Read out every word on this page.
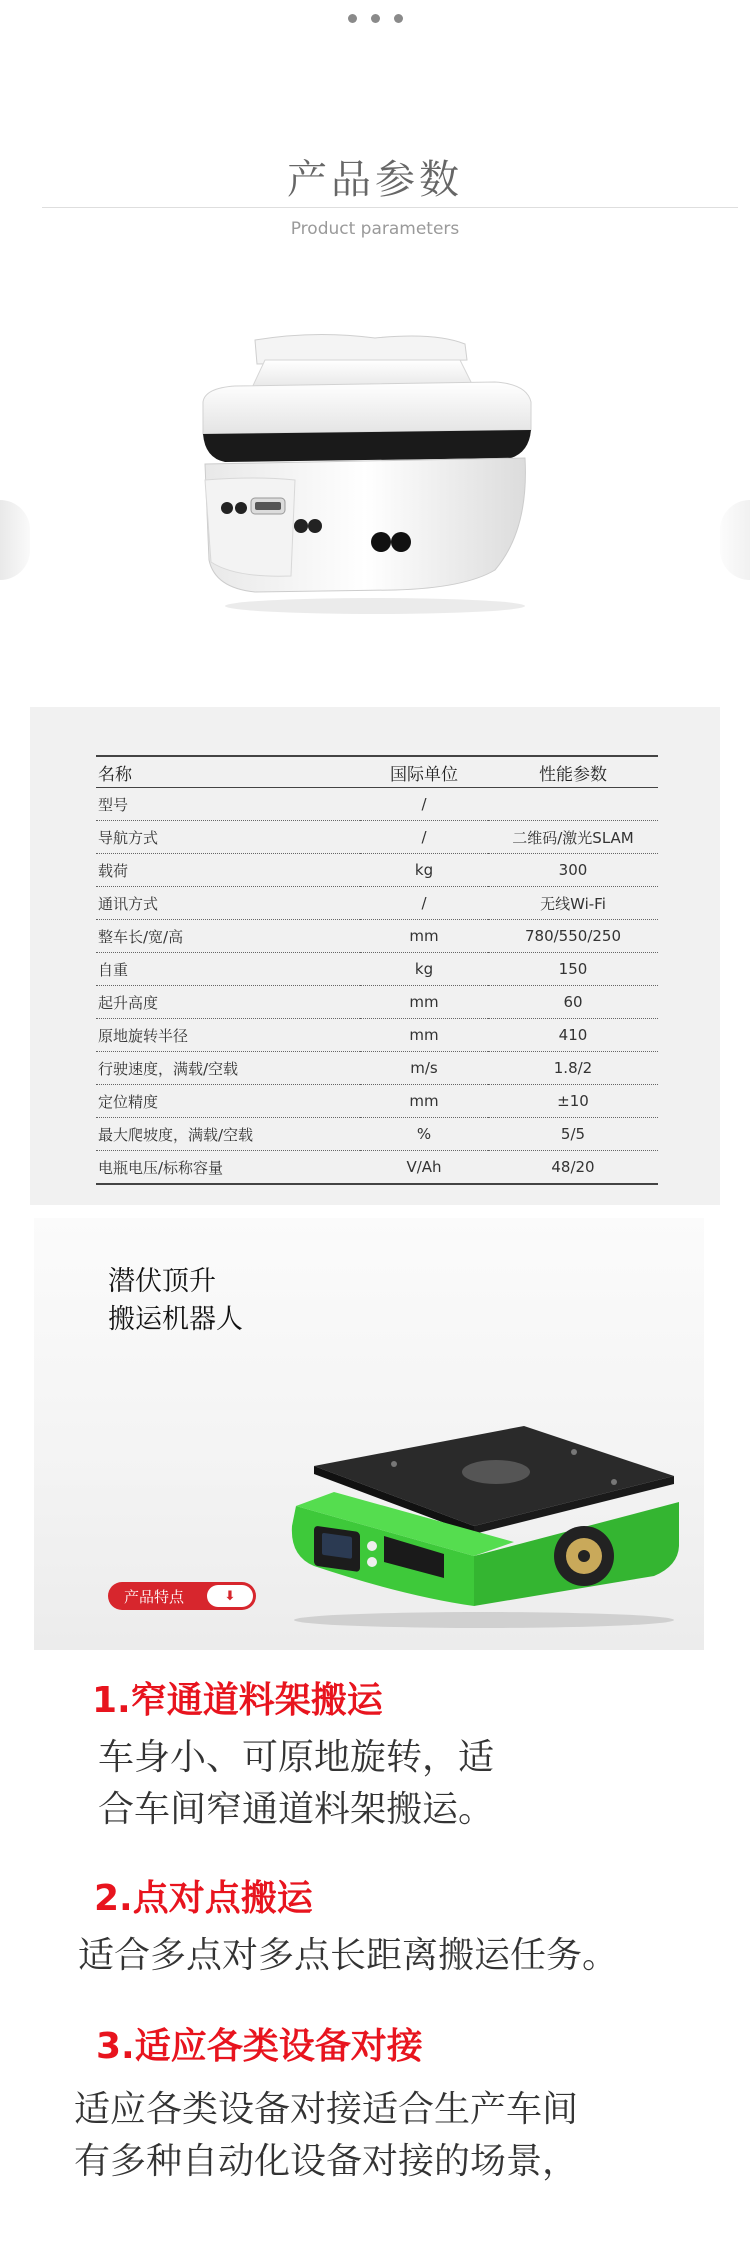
产品参数
Product parameters
名称	国际单位	性能参数
型号	/	
导航方式	/	二维码/激光SLAM
载荷	kg	300
通讯方式	/	无线Wi-Fi
整车长/宽/高	mm	780/550/250
自重	kg	150
起升高度	mm	60
原地旋转半径	mm	410
行驶速度，满载/空载	m/s	1.8/2
定位精度	mm	±10
最大爬坡度，满载/空载	%	5/5
电瓶电压/标称容量	V/Ah	48/20
潜伏顶升
搬运机器人
产品特点	⬇
1.窄通道料架搬运
车身小、可原地旋转，适
合车间窄通道料架搬运。
2.点对点搬运
适合多点对多点长距离搬运任务。
3.适应各类设备对接
适应各类设备对接适合生产车间
有多种自动化设备对接的场景，
